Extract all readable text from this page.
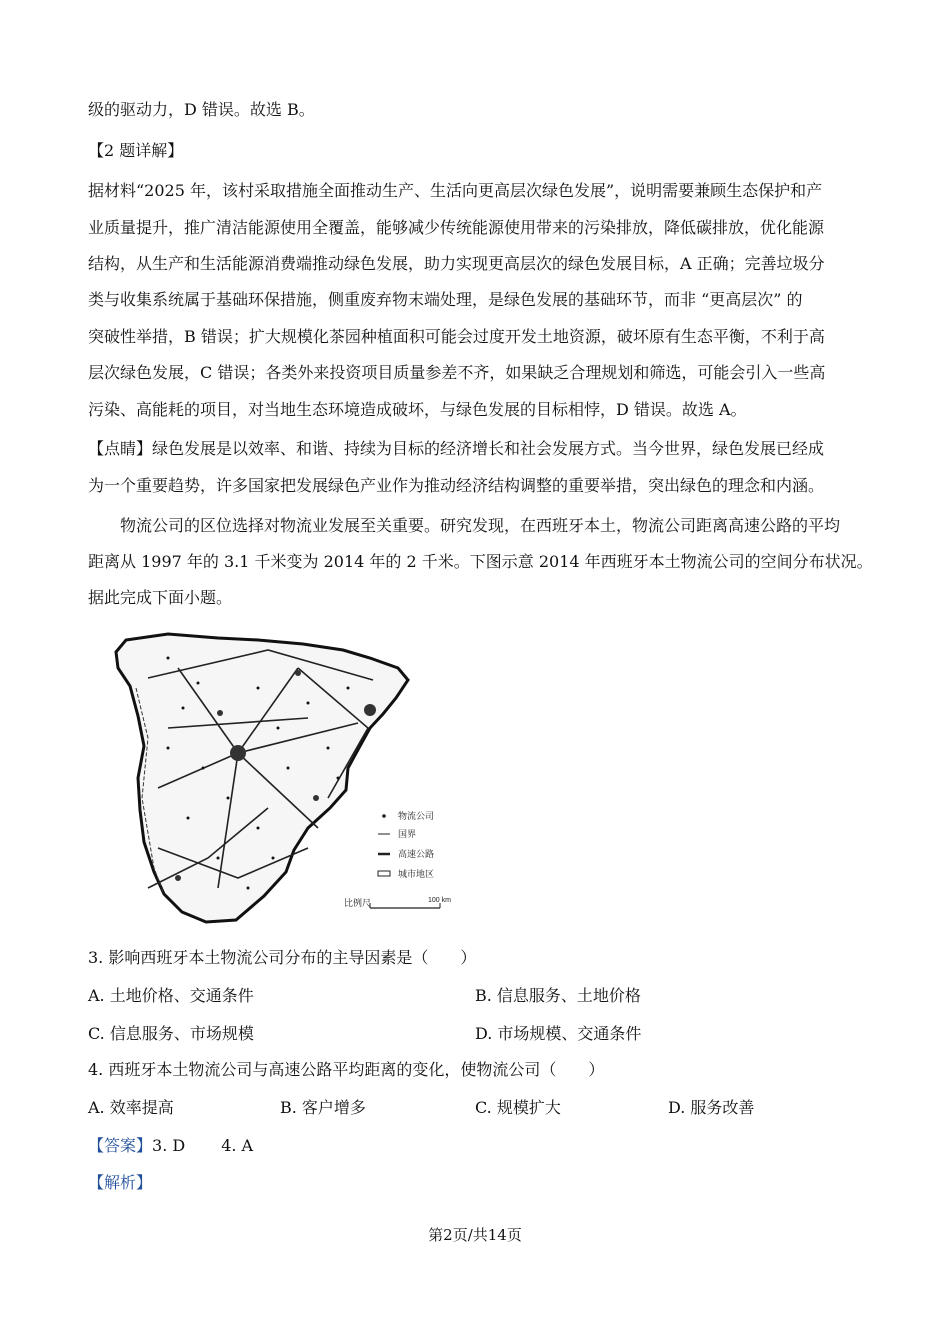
级的驱动力，D 错误。故选 B。
【2 题详解】
据材料“2025 年，该村采取措施全面推动生产、生活向更高层次绿色发展”，说明需要兼顾生态保护和产
业质量提升，推广清洁能源使用全覆盖，能够减少传统能源使用带来的污染排放，降低碳排放，优化能源
结构，从生产和生活能源消费端推动绿色发展，助力实现更高层次的绿色发展目标，A 正确；完善垃圾分
类与收集系统属于基础环保措施，侧重废弃物末端处理，是绿色发展的基础环节，而非 “更高层次” 的
突破性举措，B 错误；扩大规模化茶园种植面积可能会过度开发土地资源，破坏原有生态平衡，不利于高
层次绿色发展，C 错误；各类外来投资项目质量参差不齐，如果缺乏合理规划和筛选，可能会引入一些高
污染、高能耗的项目，对当地生态环境造成破坏，与绿色发展的目标相悖，D 错误。故选 A。
【点睛】绿色发展是以效率、和谐、持续为目标的经济增长和社会发展方式。当今世界，绿色发展已经成
为一个重要趋势，许多国家把发展绿色产业作为推动经济结构调整的重要举措，突出绿色的理念和内涵。
　　物流公司的区位选择对物流业发展至关重要。研究发现，在西班牙本土，物流公司距离高速公路的平均
距离从 1997 年的 3.1 千米变为 2014 年的 2 千米。下图示意 2014 年西班牙本土物流公司的空间分布状况。
据此完成下面小题。
物流公司
国界
高速公路
城市地区
比例尺	100 km
3. 影响西班牙本土物流公司分布的主导因素是（　　）
A. 土地价格、交通条件	B. 信息服务、土地价格
C. 信息服务、市场规模	D. 市场规模、交通条件
4. 西班牙本土物流公司与高速公路平均距离的变化，使物流公司（　　）
A. 效率提高	B. 客户增多	C. 规模扩大	D. 服务改善
【答案】3. D 4. A
【解析】
第2页/共14页
